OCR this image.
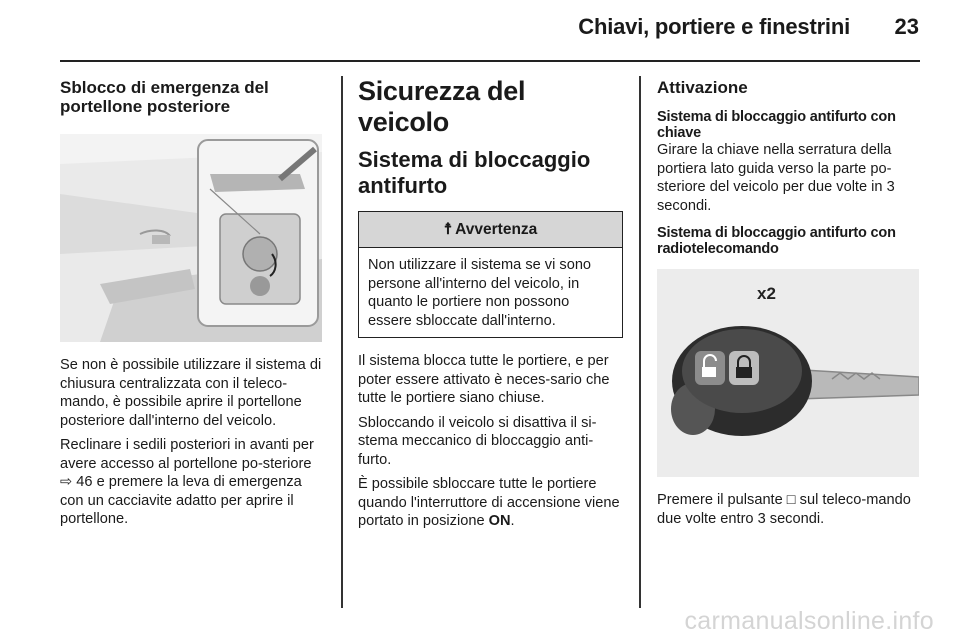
Chiavi, portiere e finestrini 23
Sblocco di emergenza del portellone posteriore
Se non è possibile utilizzare il sistema di chiusura centralizzata con il teleco-mando, è possibile aprire il portellone posteriore dall'interno del veicolo.
Reclinare i sedili posteriori in avanti per avere accesso al portellone po-steriore ⇨ 46 e premere la leva di emergenza con un cacciavite adatto per aprire il portellone.
Sicurezza del veicolo
Sistema di bloccaggio antifurto
☨ Avvertenza
Non utilizzare il sistema se vi sono persone all'interno del veicolo, in quanto le portiere non possono essere sbloccate dall'interno.
Il sistema blocca tutte le portiere, e per poter essere attivato è neces-sario che tutte le portiere siano chiuse.
Sbloccando il veicolo si disattiva il si-stema meccanico di bloccaggio anti-furto.
È possibile sbloccare tutte le portiere quando l'interruttore di accensione viene portato in posizione ON.
Attivazione
Sistema di bloccaggio antifurto con chiave
Girare la chiave nella serratura della portiera lato guida verso la parte po-steriore del veicolo per due volte in 3 secondi.
Sistema di bloccaggio antifurto con radiotelecomando
x2
Premere il pulsante □ sul teleco-mando due volte entro 3 secondi.
carmanualsonline.info
